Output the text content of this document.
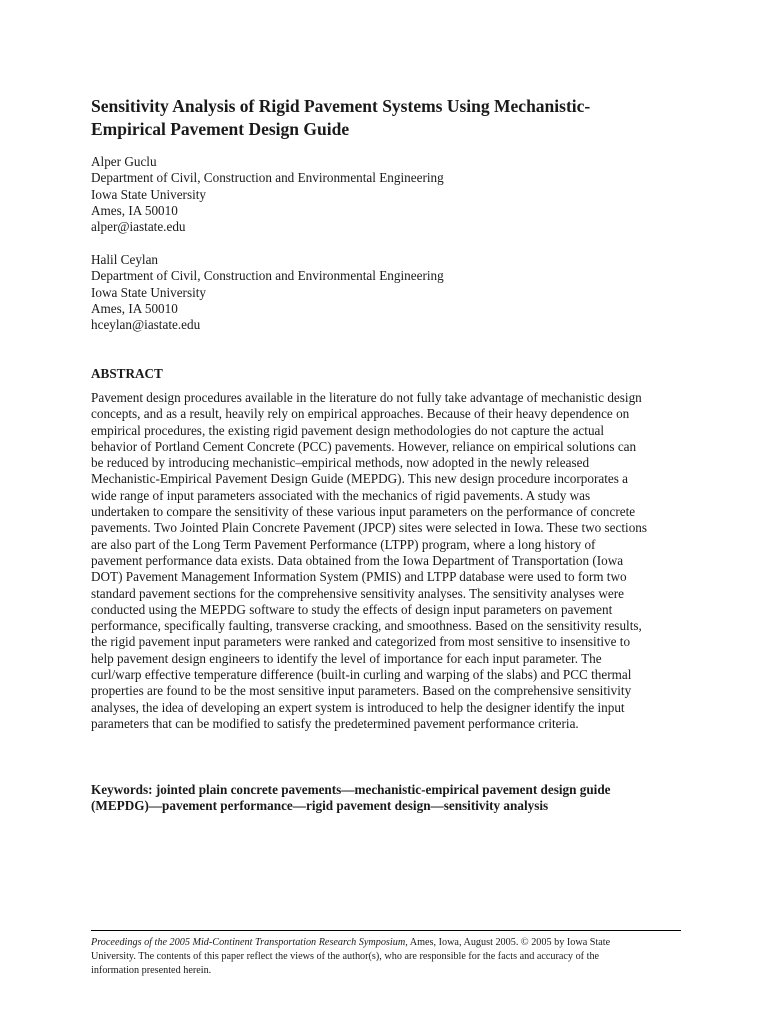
Sensitivity Analysis of Rigid Pavement Systems Using Mechanistic-
Empirical Pavement Design Guide
Alper Guclu
Department of Civil, Construction and Environmental Engineering
Iowa State University
Ames, IA 50010
alper@iastate.edu
Halil Ceylan
Department of Civil, Construction and Environmental Engineering
Iowa State University
Ames, IA 50010
hceylan@iastate.edu
ABSTRACT

Pavement design procedures available in the literature do not fully take advantage of mechanistic design
concepts, and as a result, heavily rely on empirical approaches. Because of their heavy dependence on
empirical procedures, the existing rigid pavement design methodologies do not capture the actual
behavior of Portland Cement Concrete (PCC) pavements. However, reliance on empirical solutions can
be reduced by introducing mechanistic–empirical methods, now adopted in the newly released
Mechanistic-Empirical Pavement Design Guide (MEPDG). This new design procedure incorporates a
wide range of input parameters associated with the mechanics of rigid pavements. A study was
undertaken to compare the sensitivity of these various input parameters on the performance of concrete
pavements. Two Jointed Plain Concrete Pavement (JPCP) sites were selected in Iowa. These two sections
are also part of the Long Term Pavement Performance (LTPP) program, where a long history of
pavement performance data exists. Data obtained from the Iowa Department of Transportation (Iowa
DOT) Pavement Management Information System (PMIS) and LTPP database were used to form two
standard pavement sections for the comprehensive sensitivity analyses. The sensitivity analyses were
conducted using the MEPDG software to study the effects of design input parameters on pavement
performance, specifically faulting, transverse cracking, and smoothness. Based on the sensitivity results,
the rigid pavement input parameters were ranked and categorized from most sensitive to insensitive to
help pavement design engineers to identify the level of importance for each input parameter. The
curl/warp effective temperature difference (built-in curling and warping of the slabs) and PCC thermal
properties are found to be the most sensitive input parameters. Based on the comprehensive sensitivity
analyses, the idea of developing an expert system is introduced to help the designer identify the input
parameters that can be modified to satisfy the predetermined pavement performance criteria.

Keywords: jointed plain concrete pavements—mechanistic-empirical pavement design guide
(MEPDG)—pavement performance—rigid pavement design—sensitivity analysis

Proceedings of the 2005 Mid-Continent Transportation Research Symposium, Ames, Iowa, August 2005. © 2005 by Iowa State
University. The contents of this paper reflect the views of the author(s), who are responsible for the facts and accuracy of the
information presented herein.
